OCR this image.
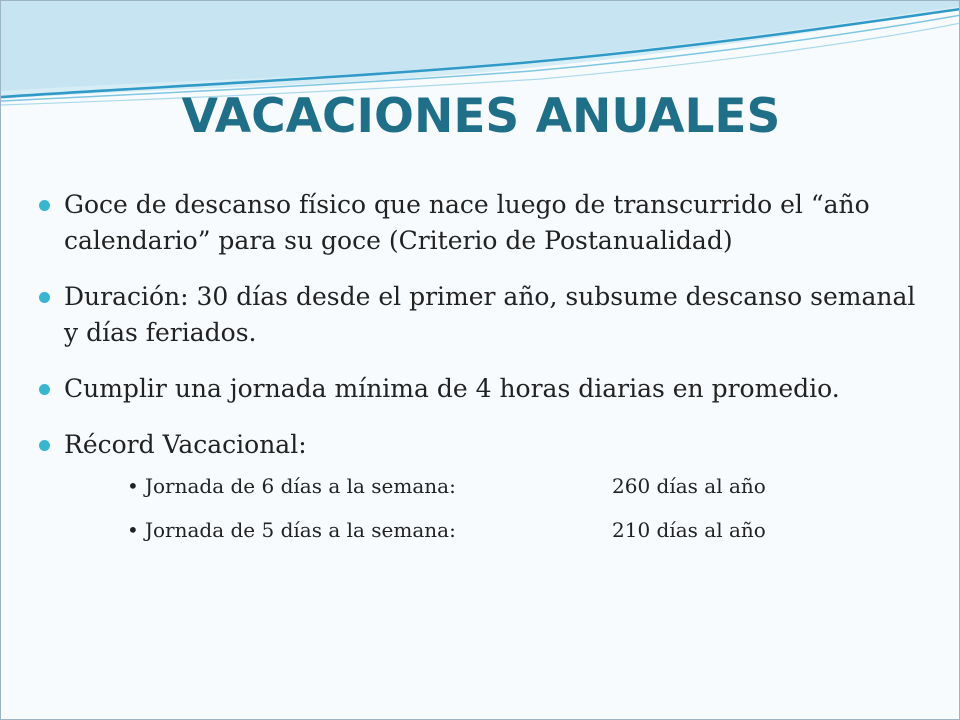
VACACIONES ANUALES
Goce de descanso físico que nace luego de transcurrido el “año calendario” para su goce (Criterio de Postanualidad)
Duración: 30 días desde el primer año, subsume descanso semanal y días feriados.
Cumplir una jornada mínima de 4 horas diarias en promedio.
Récord Vacacional:
• Jornada de 6 días a la semana:	260 días al año
• Jornada de 5 días a la semana:	210 días al año
